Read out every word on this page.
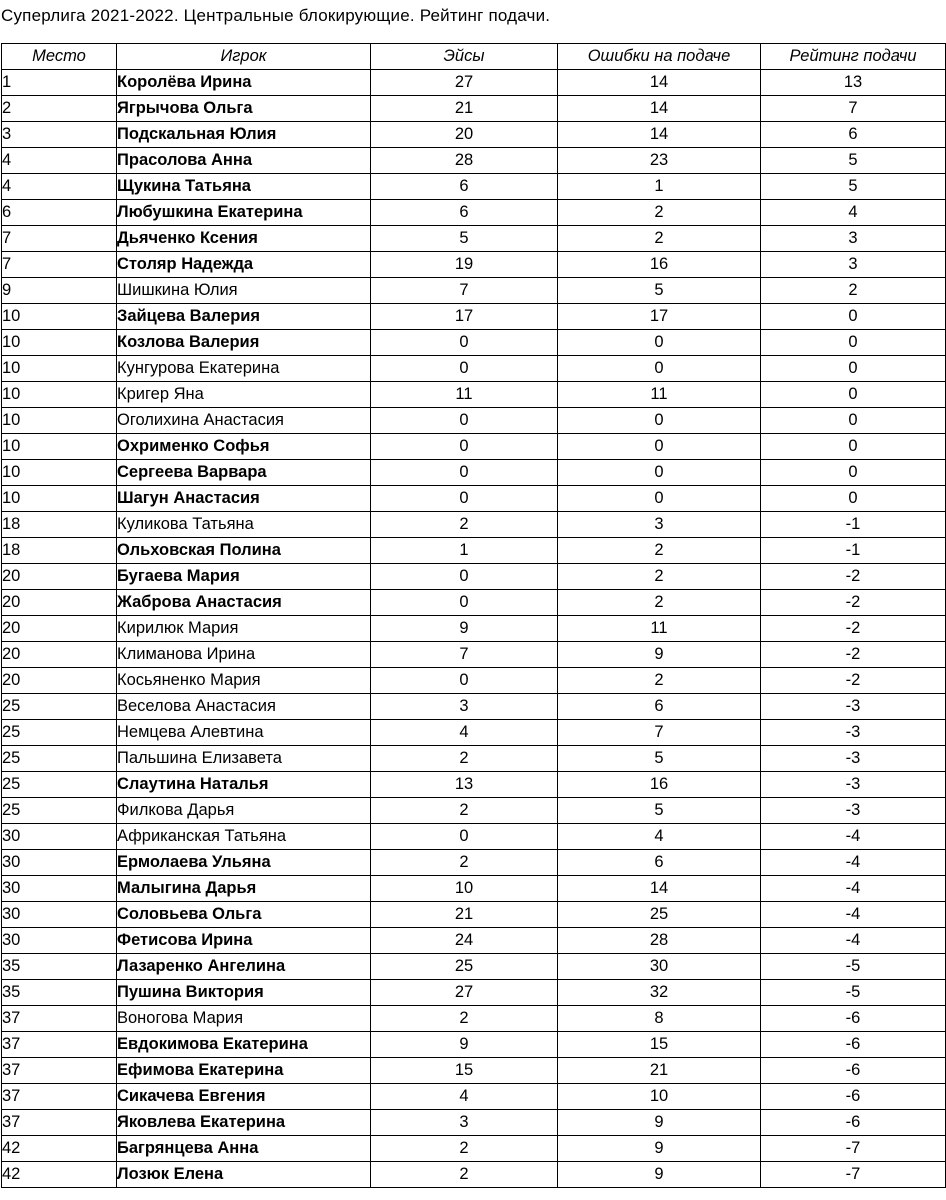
Суперлига 2021-2022. Центральные блокирующие. Рейтинг подачи.
Место	Игрок	Эйсы	Ошибки на подаче	Рейтинг подачи
1	Королёва Ирина	27	14	13
2	Ягрычова Ольга	21	14	7
3	Подскальная Юлия	20	14	6
4	Прасолова Анна	28	23	5
4	Щукина Татьяна	6	1	5
6	Любушкина Екатерина	6	2	4
7	Дьяченко Ксения	5	2	3
7	Столяр Надежда	19	16	3
9	Шишкина Юлия	7	5	2
10	Зайцева Валерия	17	17	0
10	Козлова Валерия	0	0	0
10	Кунгурова Екатерина	0	0	0
10	Кригер Яна	11	11	0
10	Оголихина Анастасия	0	0	0
10	Охрименко Софья	0	0	0
10	Сергеева Варвара	0	0	0
10	Шагун Анастасия	0	0	0
18	Куликова Татьяна	2	3	-1
18	Ольховская Полина	1	2	-1
20	Бугаева Мария	0	2	-2
20	Жаброва Анастасия	0	2	-2
20	Кирилюк Мария	9	11	-2
20	Климанова Ирина	7	9	-2
20	Косьяненко Мария	0	2	-2
25	Веселова Анастасия	3	6	-3
25	Немцева Алевтина	4	7	-3
25	Пальшина Елизавета	2	5	-3
25	Слаутина Наталья	13	16	-3
25	Филкова Дарья	2	5	-3
30	Африканская Татьяна	0	4	-4
30	Ермолаева Ульяна	2	6	-4
30	Малыгина Дарья	10	14	-4
30	Соловьева Ольга	21	25	-4
30	Фетисова Ирина	24	28	-4
35	Лазаренко Ангелина	25	30	-5
35	Пушина Виктория	27	32	-5
37	Воногова Мария	2	8	-6
37	Евдокимова Екатерина	9	15	-6
37	Ефимова Екатерина	15	21	-6
37	Сикачева Евгения	4	10	-6
37	Яковлева Екатерина	3	9	-6
42	Багрянцева Анна	2	9	-7
42	Лозюк Елена	2	9	-7
